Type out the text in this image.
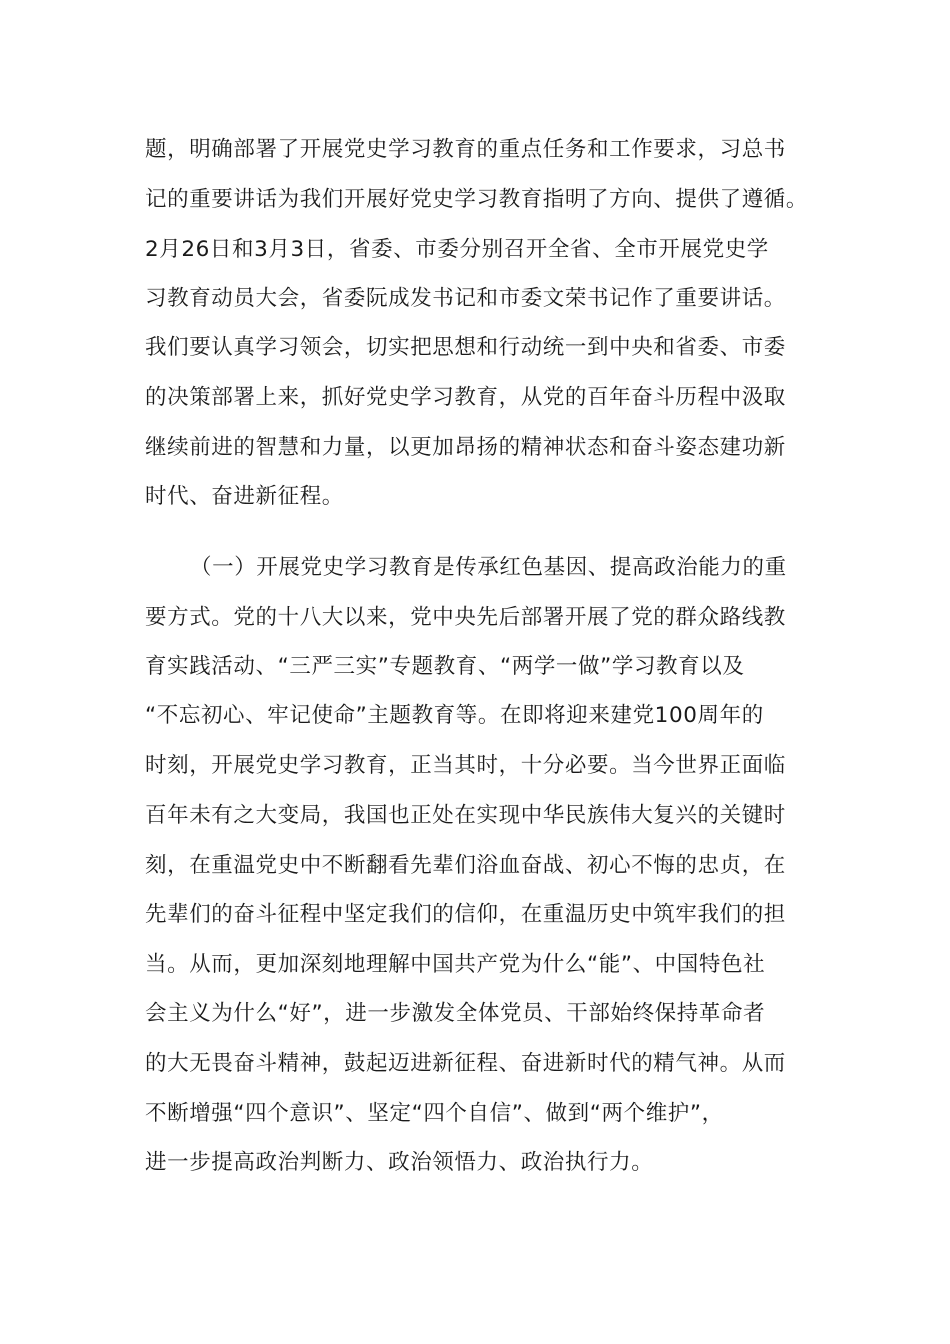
题，明确部署了开展党史学习教育的重点任务和工作要求，习总书
记的重要讲话为我们开展好党史学习教育指明了方向、提供了遵循。
2月26日和3月3日，省委、市委分别召开全省、全市开展党史学
习教育动员大会，省委阮成发书记和市委文荣书记作了重要讲话。
我们要认真学习领会，切实把思想和行动统一到中央和省委、市委
的决策部署上来，抓好党史学习教育，从党的百年奋斗历程中汲取
继续前进的智慧和力量，以更加昂扬的精神状态和奋斗姿态建功新
时代、奋进新征程。
（一）开展党史学习教育是传承红色基因、提高政治能力的重
要方式。党的十八大以来，党中央先后部署开展了党的群众路线教
育实践活动、“三严三实”专题教育、“两学一做”学习教育以及
“不忘初心、牢记使命”主题教育等。在即将迎来建党100周年的
时刻，开展党史学习教育，正当其时，十分必要。当今世界正面临
百年未有之大变局，我国也正处在实现中华民族伟大复兴的关键时
刻，在重温党史中不断翻看先辈们浴血奋战、初心不悔的忠贞，在
先辈们的奋斗征程中坚定我们的信仰，在重温历史中筑牢我们的担
当。从而，更加深刻地理解中国共产党为什么“能”、中国特色社
会主义为什么“好”，进一步激发全体党员、干部始终保持革命者
的大无畏奋斗精神，鼓起迈进新征程、奋进新时代的精气神。从而
不断增强“四个意识”、坚定“四个自信”、做到“两个维护”，
进一步提高政治判断力、政治领悟力、政治执行力。
